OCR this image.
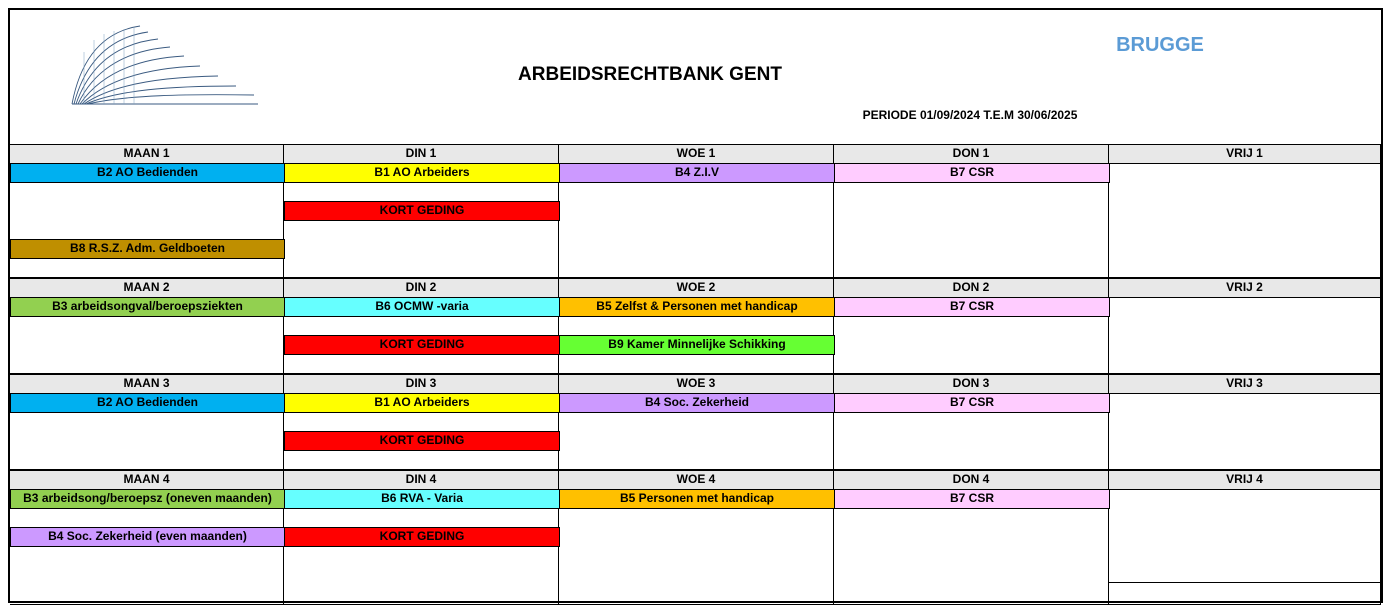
ARBEIDSRECHTBANK GENT
BRUGGE
PERIODE 01/09/2024 T.E.M 30/06/2025
MAAN 1
B2 AO Bedienden
B8 R.S.Z. Adm. Geldboeten
DIN 1
B1 AO Arbeiders
KORT GEDING
WOE 1
B4 Z.I.V
DON 1
B7 CSR
VRIJ 1
MAAN 2
B3 arbeidsongval/beroepsziekten
DIN 2
B6 OCMW -varia
KORT GEDING
WOE 2
B5 Zelfst & Personen met handicap
B9 Kamer Minnelijke Schikking
DON 2
B7 CSR
VRIJ 2
MAAN 3
B2 AO Bedienden
DIN 3
B1 AO Arbeiders
KORT GEDING
WOE 3
B4 Soc. Zekerheid
DON 3
B7 CSR
VRIJ 3
MAAN 4
B3 arbeidsong/beroepsz (oneven maanden)
B4 Soc. Zekerheid (even maanden)
DIN 4
B6 RVA - Varia
KORT GEDING
WOE 4
B5 Personen met handicap
DON 4
B7 CSR
VRIJ 4
